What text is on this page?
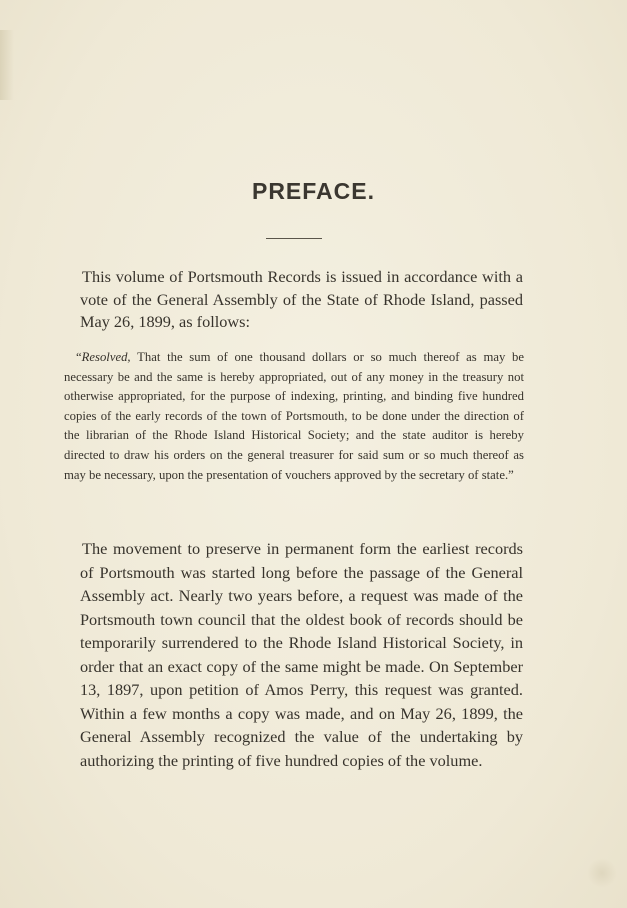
PREFACE.

This volume of Portsmouth Records is issued in accordance with a vote of the General Assembly of the State of Rhode Island, passed May 26, 1899, as follows:

“Resolved, That the sum of one thousand dollars or so much thereof as may be necessary be and the same is hereby appropriated, out of any money in the treasury not otherwise appropriated, for the purpose of indexing, printing, and binding five hundred copies of the early records of the town of Portsmouth, to be done under the direction of the librarian of the Rhode Island Historical Society; and the state auditor is hereby directed to draw his orders on the general treasurer for said sum or so much thereof as may be necessary, upon the presentation of vouchers approved by the secretary of state.”

The movement to preserve in permanent form the earliest records of Portsmouth was started long before the passage of the General Assembly act. Nearly two years before, a request was made of the Portsmouth town council that the oldest book of records should be temporarily surrendered to the Rhode Island Historical Society, in order that an exact copy of the same might be made. On September 13, 1897, upon petition of Amos Perry, this request was granted. Within a few months a copy was made, and on May 26, 1899, the General Assembly recognized the value of the undertaking by authorizing the printing of five hundred copies of the volume.
